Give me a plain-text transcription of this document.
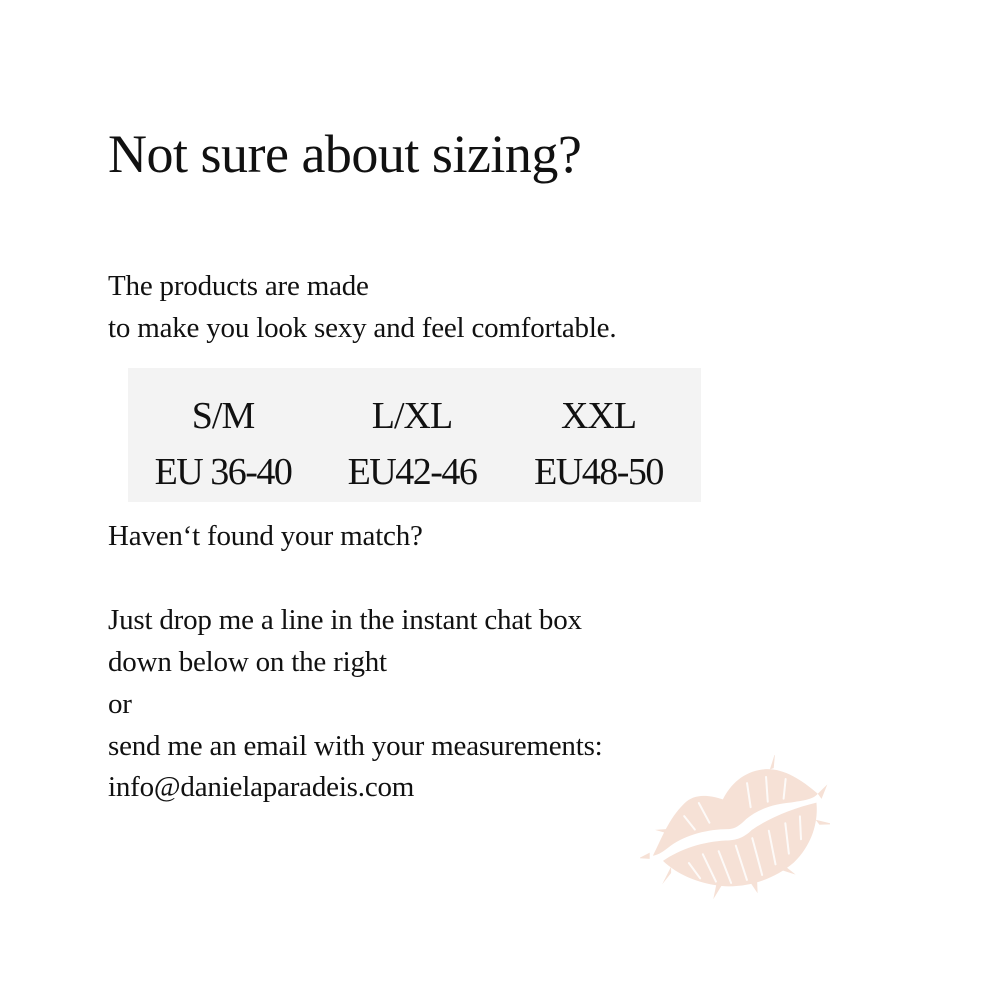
Not sure about sizing?

The products are made

to make you look sexy and feel comfortable.

S/M
EU 36-40
L/XL
EU42-46
XXL
EU48-50

Haven‘t found your match?

Just drop me a line in the instant chat box

down below on the right

or

send me an email with your measurements:

info@danielaparadeis.com
